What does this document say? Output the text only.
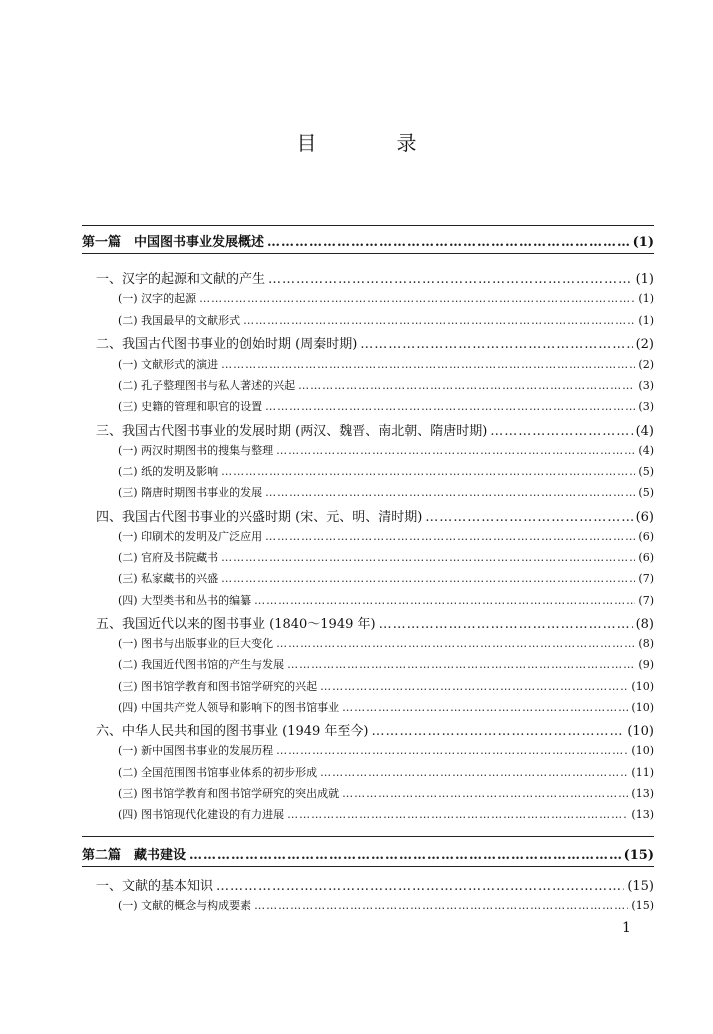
目　录
第一篇　中国图书事业发展概述 …………………………………………………………………………………………………………………………………………………………………………	(1)
一、汉字的起源和文献的产生 …………………………………………………………………………………………………………………………………………………………………………	(1)
(一) 汉字的起源 …………………………………………………………………………………………………………………………………………………………………………	(1)
(二) 我国最早的文献形式 …………………………………………………………………………………………………………………………………………………………………………	(1)
二、我国古代图书事业的创始时期 (周秦时期) …………………………………………………………………………………………………………………………………………………………………………	(2)
(一) 文献形式的演进 …………………………………………………………………………………………………………………………………………………………………………	(2)
(二) 孔子整理图书与私人著述的兴起 …………………………………………………………………………………………………………………………………………………………………………	(3)
(三) 史籍的管理和职官的设置 …………………………………………………………………………………………………………………………………………………………………………	(3)
三、我国古代图书事业的发展时期 (两汉、魏晋、南北朝、隋唐时期) …………………………………………………………………………………………………………………………………………………………………………	(4)
(一) 两汉时期图书的搜集与整理 …………………………………………………………………………………………………………………………………………………………………………	(4)
(二) 纸的发明及影响 …………………………………………………………………………………………………………………………………………………………………………	(5)
(三) 隋唐时期图书事业的发展 …………………………………………………………………………………………………………………………………………………………………………	(5)
四、我国古代图书事业的兴盛时期 (宋、元、明、清时期) …………………………………………………………………………………………………………………………………………………………………………	(6)
(一) 印刷术的发明及广泛应用 …………………………………………………………………………………………………………………………………………………………………………	(6)
(二) 官府及书院藏书 …………………………………………………………………………………………………………………………………………………………………………	(6)
(三) 私家藏书的兴盛 …………………………………………………………………………………………………………………………………………………………………………	(7)
(四) 大型类书和丛书的编纂 …………………………………………………………………………………………………………………………………………………………………………	(7)
五、我国近代以来的图书事业 (1840～1949 年) …………………………………………………………………………………………………………………………………………………………………………	(8)
(一) 图书与出版事业的巨大变化 …………………………………………………………………………………………………………………………………………………………………………	(8)
(二) 我国近代图书馆的产生与发展 …………………………………………………………………………………………………………………………………………………………………………	(9)
(三) 图书馆学教育和图书馆学研究的兴起 …………………………………………………………………………………………………………………………………………………………………………	(10)
(四) 中国共产党人领导和影响下的图书馆事业 …………………………………………………………………………………………………………………………………………………………………………	(10)
六、中华人民共和国的图书事业 (1949 年至今) …………………………………………………………………………………………………………………………………………………………………………	(10)
(一) 新中国图书事业的发展历程 …………………………………………………………………………………………………………………………………………………………………………	(10)
(二) 全国范围图书馆事业体系的初步形成 …………………………………………………………………………………………………………………………………………………………………………	(11)
(三) 图书馆学教育和图书馆学研究的突出成就 …………………………………………………………………………………………………………………………………………………………………………	(13)
(四) 图书馆现代化建设的有力进展 …………………………………………………………………………………………………………………………………………………………………………	(13)
第二篇　藏书建设 …………………………………………………………………………………………………………………………………………………………………………	(15)
一、文献的基本知识 …………………………………………………………………………………………………………………………………………………………………………	(15)
(一) 文献的概念与构成要素 …………………………………………………………………………………………………………………………………………………………………………	(15)
1
